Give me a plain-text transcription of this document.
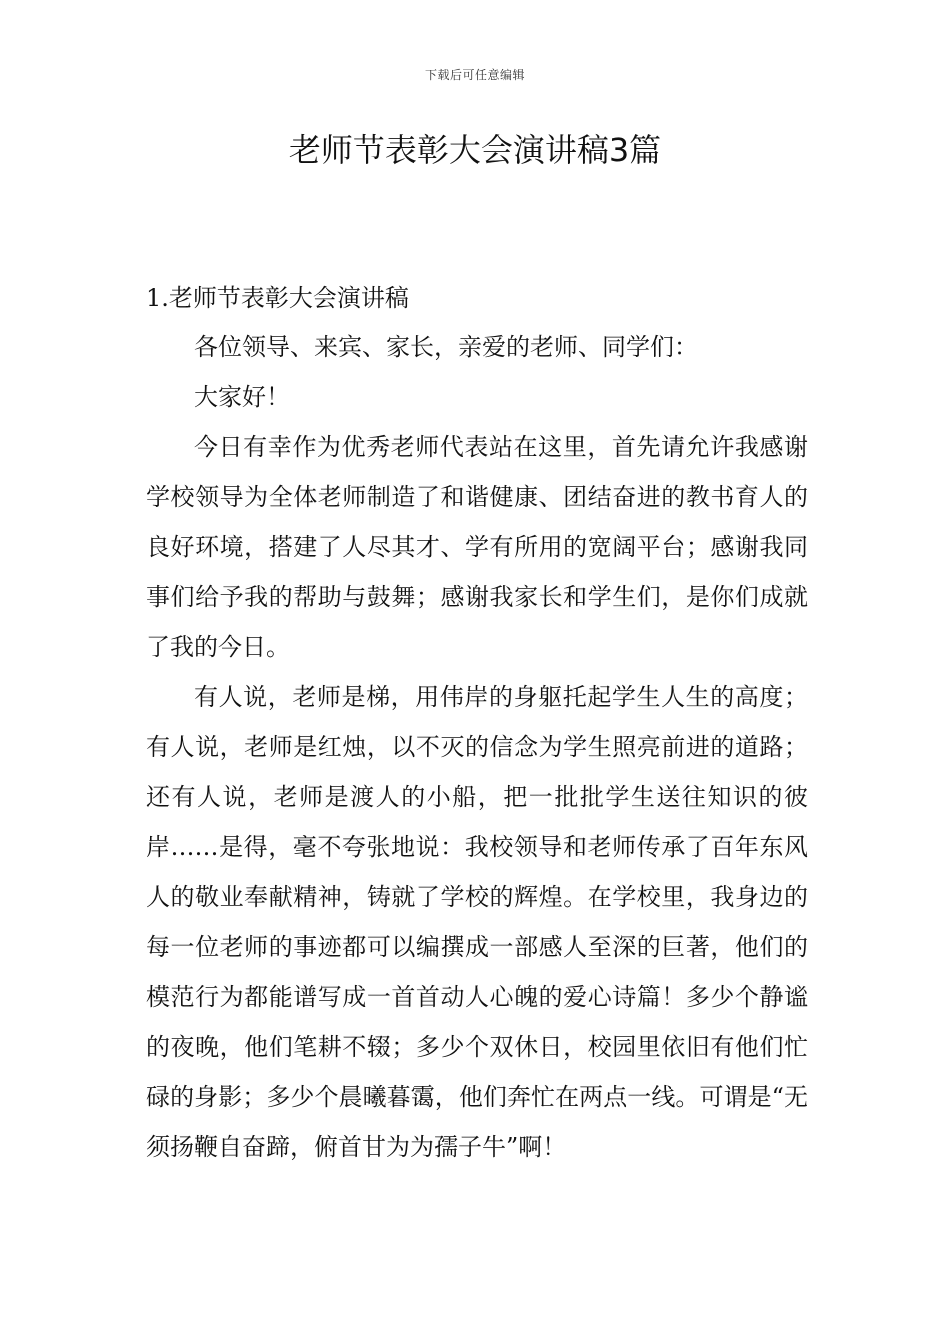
下载后可任意编辑
老师节表彰大会演讲稿3篇

1.老师节表彰大会演讲稿

各位领导、来宾、家长，亲爱的老师、同学们：

大家好！

今日有幸作为优秀老师代表站在这里，首先请允许我感谢学校领导为全体老师制造了和谐健康、团结奋进的教书育人的良好环境，搭建了人尽其才、学有所用的宽阔平台；感谢我同事们给予我的帮助与鼓舞；感谢我家长和学生们，是你们成就了我的今日。

有人说，老师是梯，用伟岸的身躯托起学生人生的高度；有人说，老师是红烛，以不灭的信念为学生照亮前进的道路；还有人说，老师是渡人的小船，把一批批学生送往知识的彼岸……是得，毫不夸张地说：我校领导和老师传承了百年东风人的敬业奉献精神，铸就了学校的辉煌。在学校里，我身边的每一位老师的事迹都可以编撰成一部感人至深的巨著，他们的模范行为都能谱写成一首首动人心魄的爱心诗篇！多少个静谧的夜晚，他们笔耕不辍；多少个双休日，校园里依旧有他们忙碌的身影；多少个晨曦暮霭，他们奔忙在两点一线。可谓是“无须扬鞭自奋蹄，俯首甘为为孺子牛”啊！
